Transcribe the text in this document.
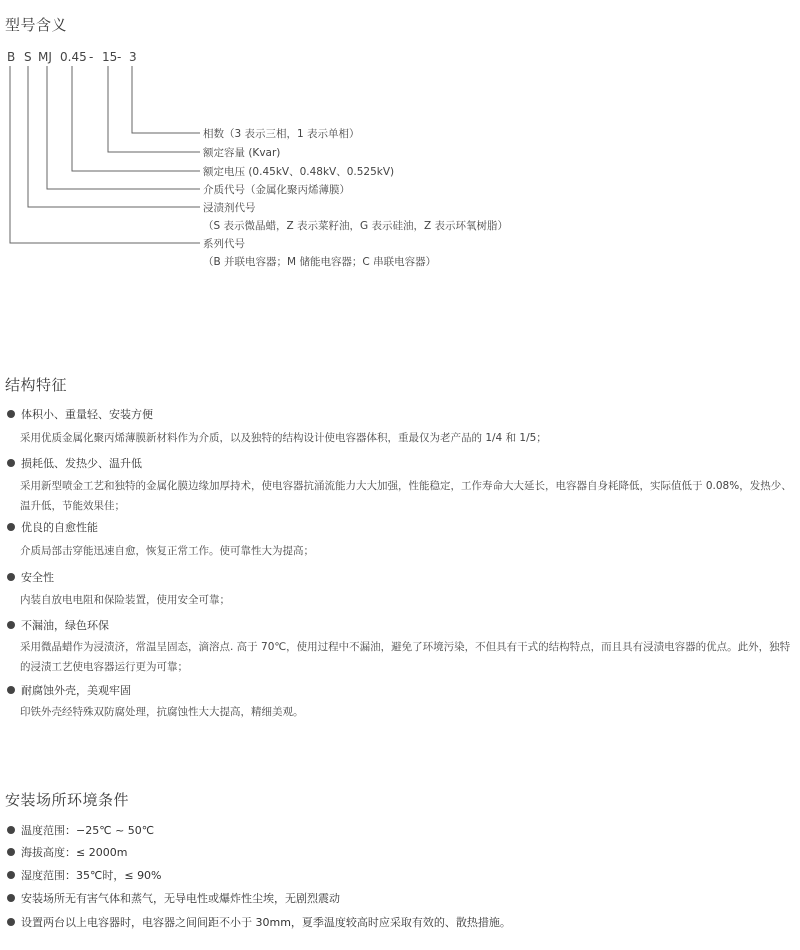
型号含义
B S MJ 0.45 - 15 - 3
相数（3 表示三相，1 表示单相）
额定容量 (Kvar)
额定电压 (0.45kV、0.48kV、0.525kV)
介质代号（金属化聚丙烯薄膜）
浸渍剂代号
（S 表示微晶蜡，Z 表示菜籽油，G 表示硅油，Z 表示环氧树脂）
系列代号
（B 并联电容器；M 储能电容器；C 串联电容器）
结构特征
体积小、重量轻、安装方便
采用优质金属化聚丙烯薄膜新材料作为介质，以及独特的结构设计使电容器体积，重最仅为老产品的 1/4 和 1/5；
损耗低、发热少、温升低
采用新型喷金工艺和独特的金属化膜边缘加厚持术，使电容器抗涌流能力大大加强，性能稳定，工作寿命大大延长，电容器自身耗降低，实际值低于 0.08%，发热少、温升低，节能效果佳；
优良的自愈性能
介质局部击穿能迅速自愈，恢复正常工作。使可靠性大为提高；
安全性
内装自放电电阻和保险装置，使用安全可靠；
不漏油，绿色环保
采用微晶蜡作为浸渍济，常温呈固态，滴溶点. 高于 70℃，使用过程中不漏油，避免了环境污染，不但具有干式的结构特点，而且具有浸渍电容器的优点。此外，独特的浸渍工艺使电容器运行更为可靠；
耐腐蚀外壳，美观牢固
印铁外壳经特殊双防腐处理，抗腐蚀性大大提高，精细美观。
安装场所环境条件
温度范围：−25℃ ~ 50℃
海拔高度：≤ 2000m
湿度范围：35℃时，≤ 90%
安装场所无有害气体和蒸气，无导电性或爆炸性尘埃，无剧烈震动
设置两台以上电容器时，电容器之间间距不小于 30mm，夏季温度较高时应采取有效的、散热措施。
